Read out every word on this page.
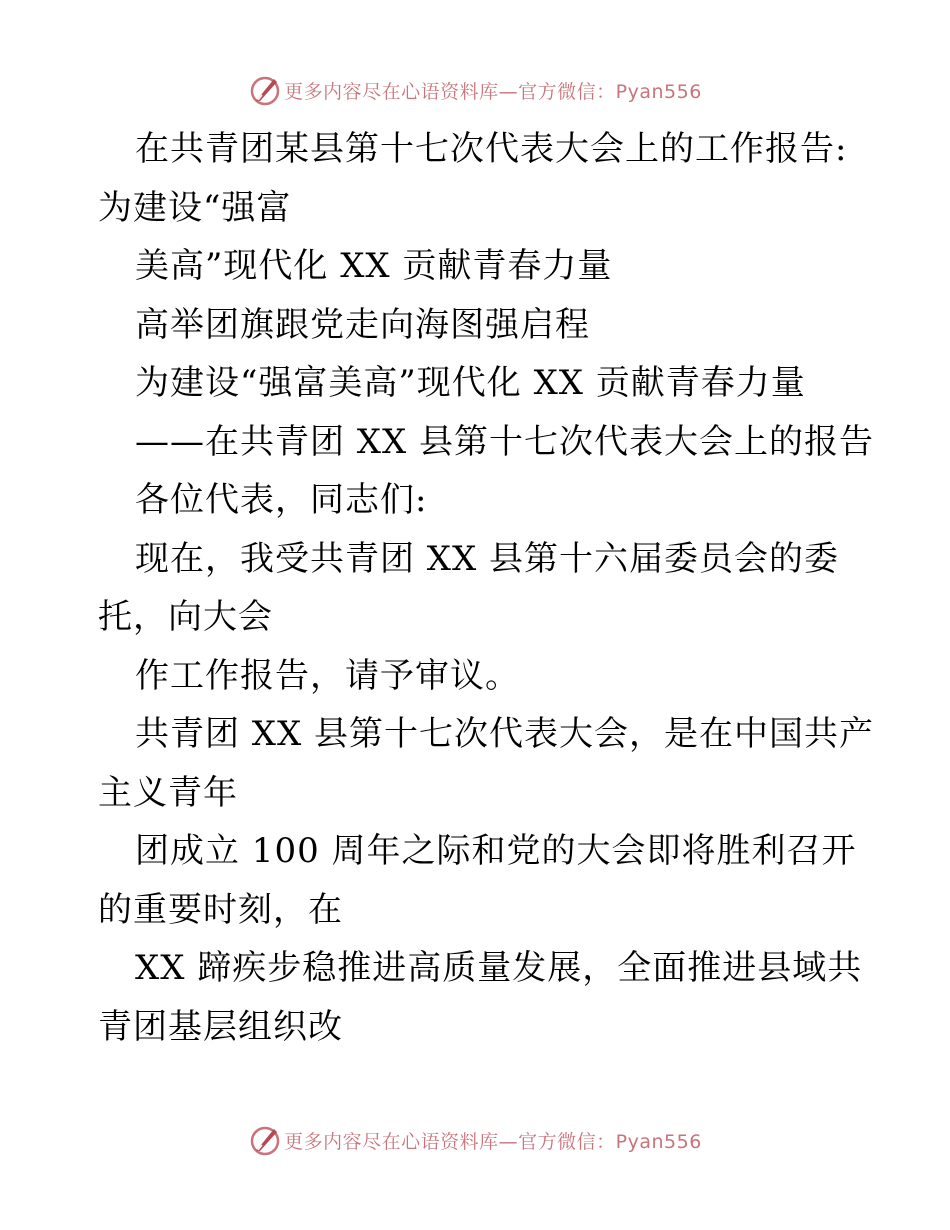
更多内容尽在心语资料库—官方微信：Pyan556
在共青团某县第十七次代表大会上的工作报告:
为建设“强富
美高”现代化 XX 贡献青春力量
高举团旗跟党走向海图强启程
为建设“强富美高”现代化 XX 贡献青春力量
——在共青团 XX 县第十七次代表大会上的报告
各位代表，同志们:
现在，我受共青团 XX 县第十六届委员会的委
托，向大会
作工作报告，请予审议。
共青团 XX 县第十七次代表大会，是在中国共产
主义青年
团成立 100 周年之际和党的大会即将胜利召开
的重要时刻，在
XX 蹄疾步稳推进高质量发展，全面推进县域共
青团基层组织改
更多内容尽在心语资料库—官方微信：Pyan556
